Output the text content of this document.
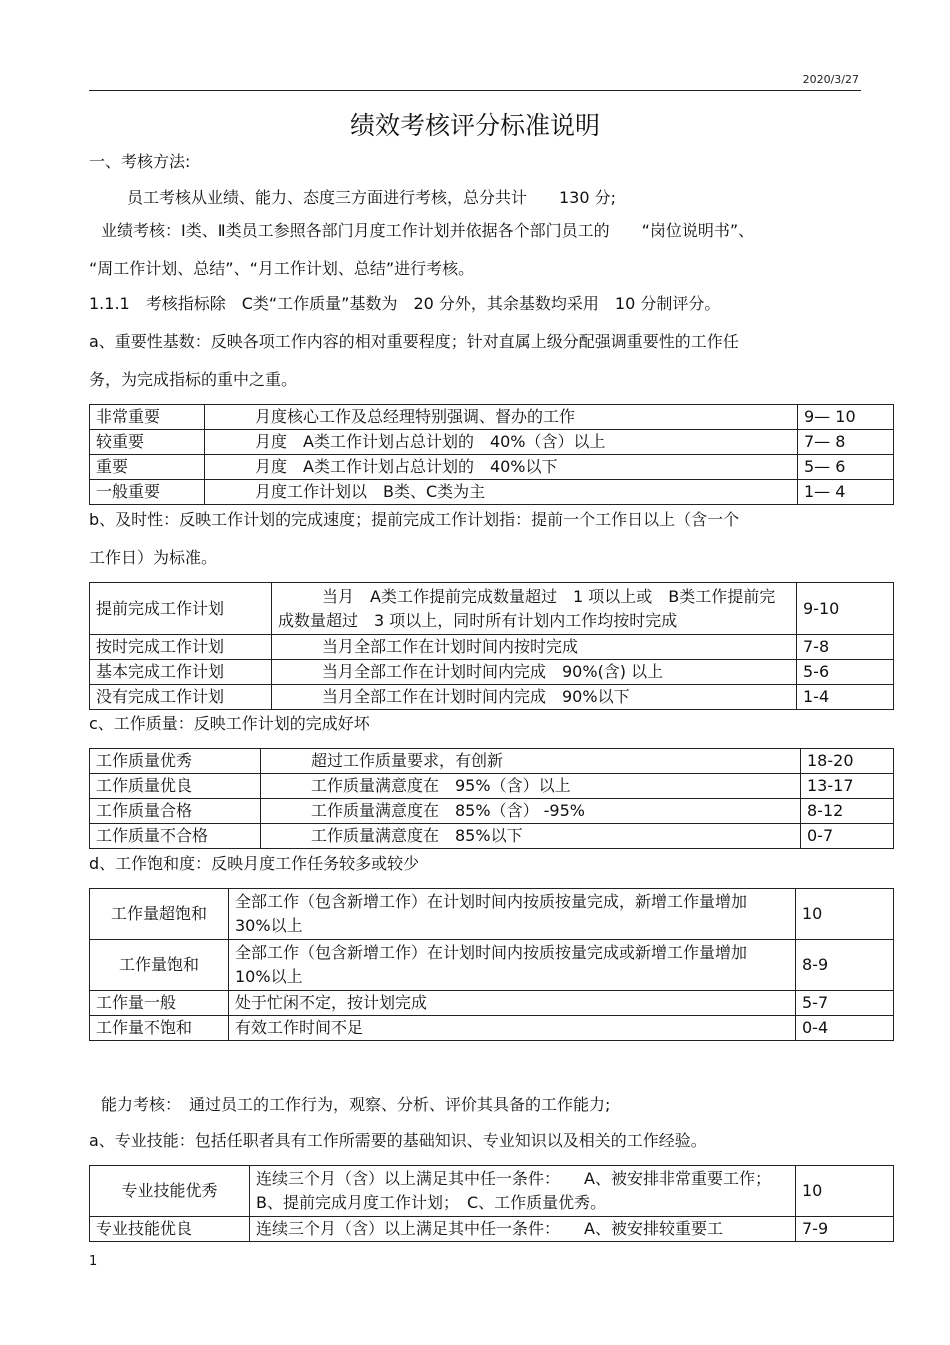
2020/3/27
绩效考核评分标准说明
一、考核方法:
员工考核从业绩、能力、态度三方面进行考核，总分共计　　130 分;
业绩考核：Ⅰ类、Ⅱ类员工参照各部门月度工作计划并依据各个部门员工的　　“岗位说明书”、
“周工作计划、总结”、“月工作计划、总结”进行考核。
1.1.1　考核指标除　C类“工作质量”基数为　20 分外，其余基数均采用　10 分制评分。
a、重要性基数：反映各项工作内容的相对重要程度；针对直属上级分配强调重要性的工作任
务，为完成指标的重中之重。
非常重要	月度核心工作及总经理特别强调、督办的工作	9— 10
较重要	月度　A类工作计划占总计划的　40%（含）以上	7— 8
重要	月度　A类工作计划占总计划的　40%以下	5— 6
一般重要	月度工作计划以　B类、C类为主	1— 4
b、及时性：反映工作计划的完成速度；提前完成工作计划指：提前一个工作日以上（含一个
工作日）为标准。
提前完成工作计划	当月　A类工作提前完成数量超过　1 项以上或　B类工作提前完成数量超过　3 项以上，同时所有计划内工作均按时完成	9-10
按时完成工作计划	当月全部工作在计划时间内按时完成	7-8
基本完成工作计划	当月全部工作在计划时间内完成　90%(含) 以上	5-6
没有完成工作计划	当月全部工作在计划时间内完成　90%以下	1-4
c、工作质量：反映工作计划的完成好坏
工作质量优秀	超过工作质量要求，有创新	18-20
工作质量优良	工作质量满意度在　95%（含）以上	13-17
工作质量合格	工作质量满意度在　85%（含） -95%	8-12
工作质量不合格	工作质量满意度在　85%以下	0-7
d、工作饱和度：反映月度工作任务较多或较少
工作量超饱和	全部工作（包含新增工作）在计划时间内按质按量完成，新增工作量增加　30%以上	10
工作量饱和	全部工作（包含新增工作）在计划时间内按质按量完成或新增工作量增加　10%以上	8-9
工作量一般	处于忙闲不定，按计划完成	5-7
工作量不饱和	有效工作时间不足	0-4
能力考核：　通过员工的工作行为，观察、分析、评价其具备的工作能力;
a、专业技能：包括任职者具有工作所需要的基础知识、专业知识以及相关的工作经验。
专业技能优秀	连续三个月（含）以上满足其中任一条件：　　A、被安排非常重要工作；B、提前完成月度工作计划；　C、工作质量优秀。	10
专业技能优良	连续三个月（含）以上满足其中任一条件：　　A、被安排较重要工	7-9
1
